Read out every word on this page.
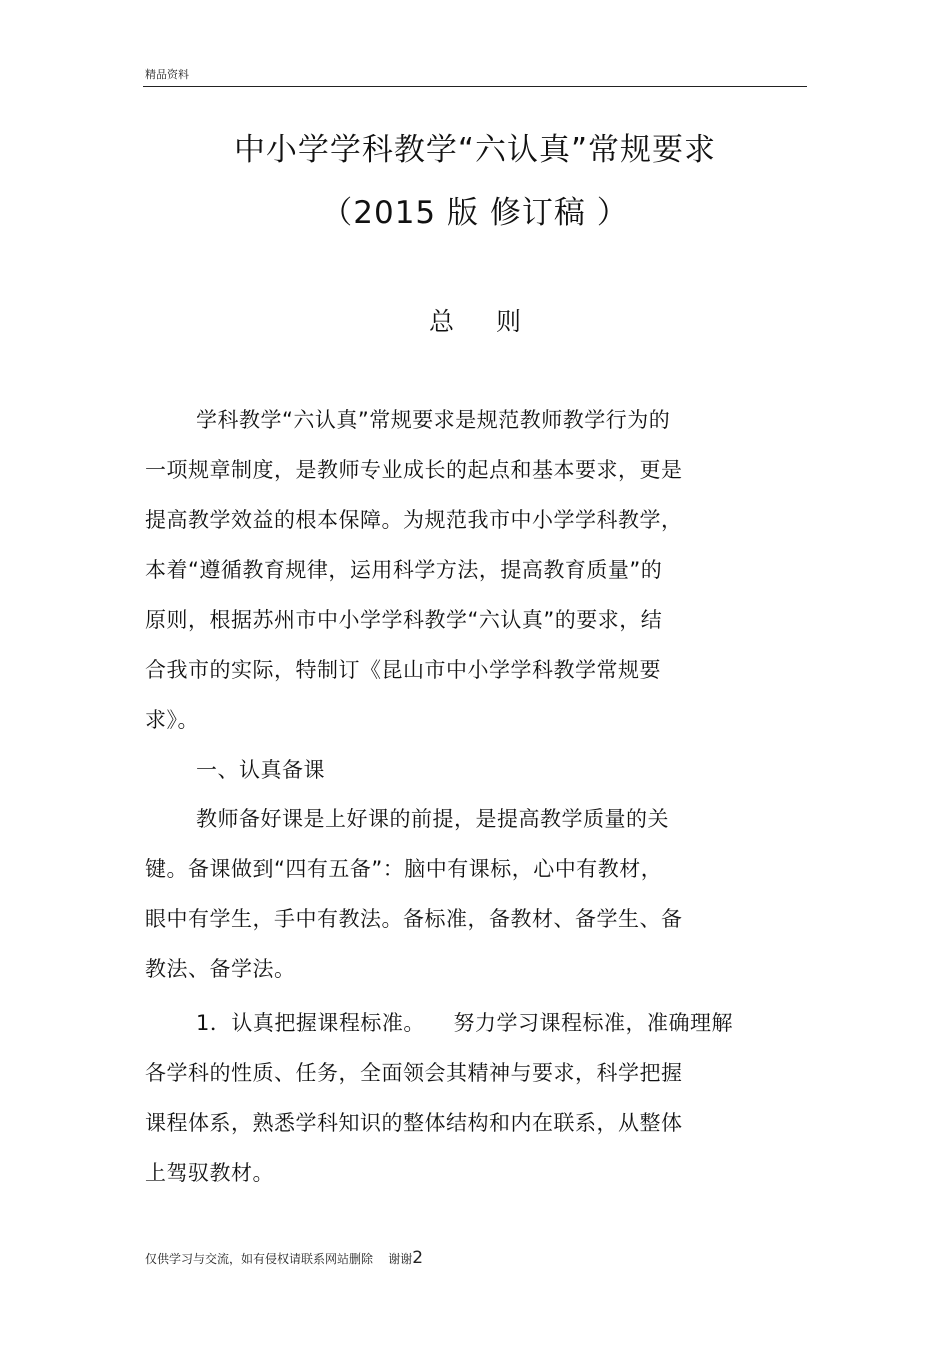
精品资料
中小学学科教学“六认真”常规要求
（2015 版 修订稿 ）
总则
学科教学“六认真”常规要求是规范教师教学行为的
一项规章制度，是教师专业成长的起点和基本要求，更是
提高教学效益的根本保障。为规范我市中小学学科教学，
本着“遵循教育规律，运用科学方法，提高教育质量”的
原则，根据苏州市中小学学科教学“六认真”的要求，结
合我市的实际，特制订《昆山市中小学学科教学常规要
求》。
一、认真备课
教师备好课是上好课的前提，是提高教学质量的关
键。备课做到“四有五备”：脑中有课标，心中有教材，
眼中有学生，手中有教法。备标准，备教材、备学生、备
教法、备学法。
1．认真把握课程标准。    努力学习课程标准，准确理解
各学科的性质、任务，全面领会其精神与要求，科学把握
课程体系，熟悉学科知识的整体结构和内在联系，从整体
上驾驭教材。
仅供学习与交流，如有侵权请联系网站删除    谢谢2
